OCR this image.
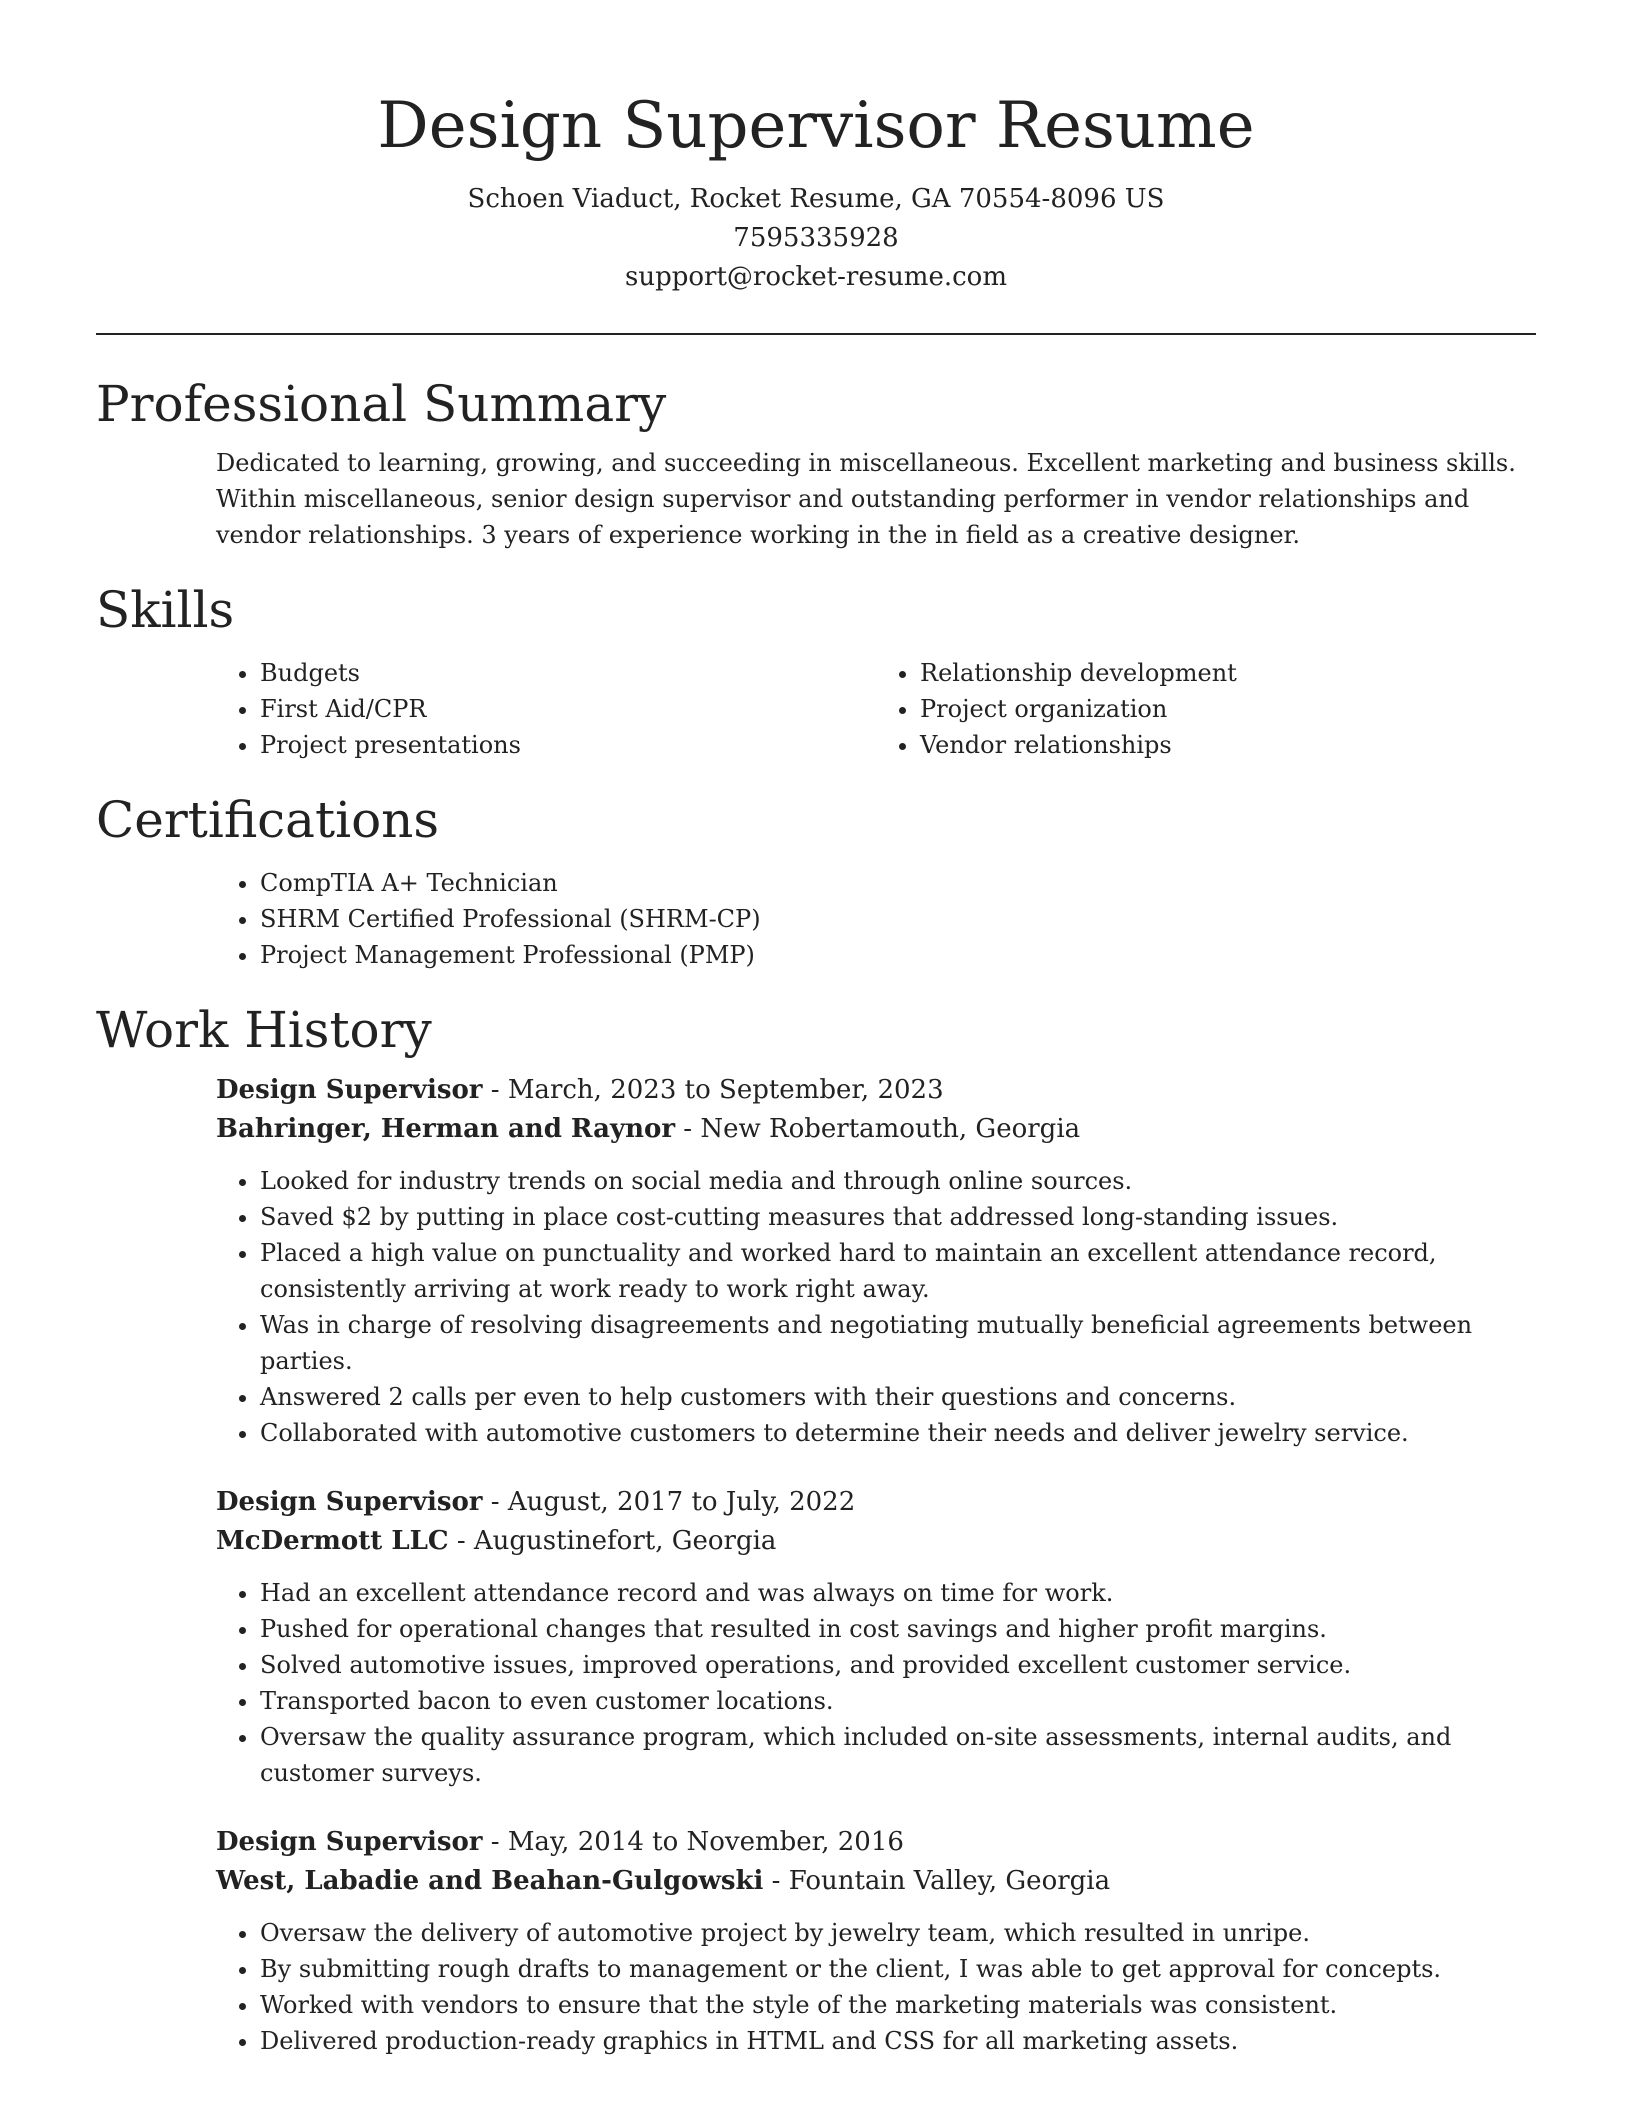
Design Supervisor Resume

Schoen Viaduct, Rocket Resume, GA 70554-8096 US

7595335928

support@rocket-resume.com

Professional Summary

Dedicated to learning, growing, and succeeding in miscellaneous. Excellent marketing and business skills. Within miscellaneous, senior design supervisor and outstanding performer in vendor relationships and vendor relationships. 3 years of experience working in the in field as a creative designer.

Skills
• Budgets
• First Aid/CPR
• Project presentations
• Relationship development
• Project organization
• Vendor relationships
Certifications
• CompTIA A+ Technician
• SHRM Certified Professional (SHRM-CP)
• Project Management Professional (PMP)
Work History

Design Supervisor - March, 2023 to September, 2023

Bahringer, Herman and Raynor - New Robertamouth, Georgia

• Looked for industry trends on social media and through online sources.
• Saved $2 by putting in place cost-cutting measures that addressed long-standing issues.
• Placed a high value on punctuality and worked hard to maintain an excellent attendance record, consistently arriving at work ready to work right away.
• Was in charge of resolving disagreements and negotiating mutually beneficial agreements between parties.
• Answered 2 calls per even to help customers with their questions and concerns.
• Collaborated with automotive customers to determine their needs and deliver jewelry service.

Design Supervisor - August, 2017 to July, 2022

McDermott LLC - Augustinefort, Georgia

• Had an excellent attendance record and was always on time for work.
• Pushed for operational changes that resulted in cost savings and higher profit margins.
• Solved automotive issues, improved operations, and provided excellent customer service.
• Transported bacon to even customer locations.
• Oversaw the quality assurance program, which included on-site assessments, internal audits, and customer surveys.

Design Supervisor - May, 2014 to November, 2016

West, Labadie and Beahan-Gulgowski - Fountain Valley, Georgia

• Oversaw the delivery of automotive project by jewelry team, which resulted in unripe.
• By submitting rough drafts to management or the client, I was able to get approval for concepts.
• Worked with vendors to ensure that the style of the marketing materials was consistent.
• Delivered production-ready graphics in HTML and CSS for all marketing assets.
